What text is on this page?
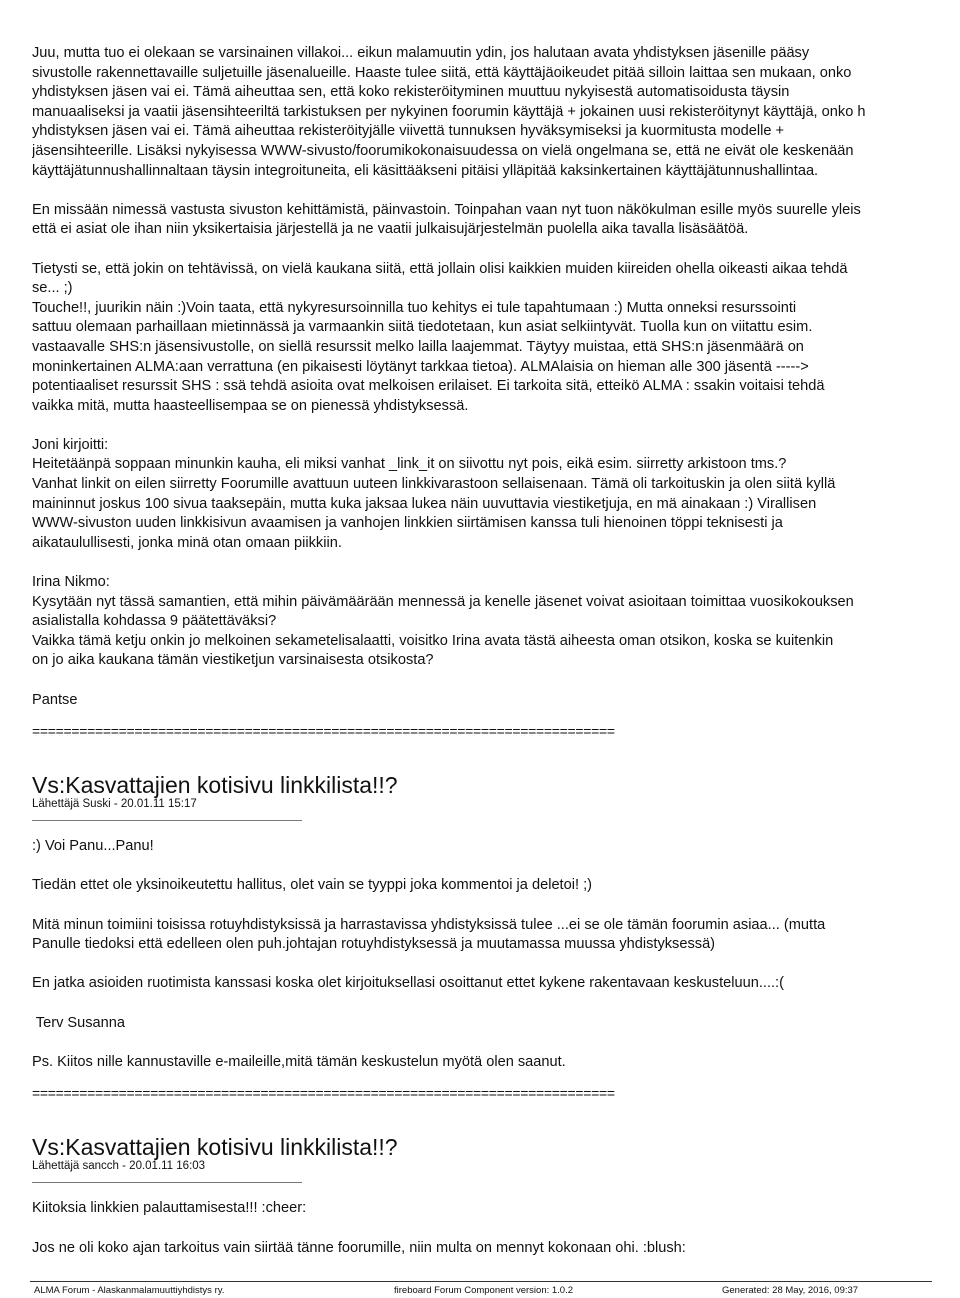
Juu, mutta tuo ei olekaan se varsinainen villakoi... eikun malamuutin ydin, jos halutaan avata yhdistyksen jäsenille pääsy
sivustolle rakennettavaille suljetuille jäsenalueille. Haaste tulee siitä, että käyttäjäoikeudet pitää silloin laittaa sen mukaan, onko
yhdistyksen jäsen vai ei. Tämä aiheuttaa sen, että koko rekisteröityminen muuttuu nykyisestä automatisoidusta täysin
manuaaliseksi ja vaatii jäsensihteeriltä tarkistuksen per nykyinen foorumin käyttäjä + jokainen uusi rekisteröitynyt käyttäjä, onko h
yhdistyksen jäsen vai ei. Tämä aiheuttaa rekisteröityjälle viivettä tunnuksen hyväksymiseksi ja kuormitusta modelle +
jäsensihteerille. Lisäksi nykyisessa WWW-sivusto/foorumikokonaisuudessa on vielä ongelmana se, että ne eivät ole keskenään
käyttäjätunnushallinnaltaan täysin integroituneita, eli käsittääkseni pitäisi ylläpitää kaksinkertainen käyttäjätunnushallintaa.
En missään nimessä vastusta sivuston kehittämistä, päinvastoin. Toinpahan vaan nyt tuon näkökulman esille myös suurelle yleis
että ei asiat ole ihan niin yksikertaisia järjestellä ja ne vaatii julkaisujärjestelmän puolella aika tavalla lisäsäätöä.
Tietysti se, että jokin on tehtävissä, on vielä kaukana siitä, että jollain olisi kaikkien muiden kiireiden ohella oikeasti aikaa tehdä
se... ;)
Touche!!, juurikin näin :)Voin taata, että nykyresursoinnilla tuo kehitys ei tule tapahtumaan :) Mutta onneksi resurssointi
sattuu olemaan parhaillaan mietinnässä ja varmaankin siitä tiedotetaan, kun asiat selkiintyvät. Tuolla kun on viitattu esim.
vastaavalle SHS:n jäsensivustolle, on siellä resurssit melko lailla laajemmat. Täytyy muistaa, että SHS:n jäsenmäärä on
moninkertainen ALMA:aan verrattuna (en pikaisesti löytänyt tarkkaa tietoa). ALMAlaisia on hieman alle 300 jäsentä ----->
potentiaaliset resurssit SHS : ssä tehdä asioita ovat melkoisen erilaiset. Ei tarkoita sitä, etteikö ALMA : ssakin voitaisi tehdä
vaikka mitä, mutta haasteellisempaa se on pienessä yhdistyksessä.
Joni kirjoitti:
Heitetäänpä soppaan minunkin kauha, eli miksi vanhat _link_it on siivottu nyt pois, eikä esim. siirretty arkistoon tms.?
Vanhat linkit on eilen siirretty Foorumille avattuun uuteen linkkivarastoon sellaisenaan. Tämä oli tarkoituskin ja olen siitä kyllä
maininnut joskus 100 sivua taaksepäin, mutta kuka jaksaa lukea näin uuvuttavia viestiketjuja, en mä ainakaan :) Virallisen
WWW-sivuston uuden linkkisivun avaamisen ja vanhojen linkkien siirtämisen kanssa tuli hienoinen töppi teknisesti ja
aikataulullisesti, jonka minä otan omaan piikkiin.
Irina Nikmo:
Kysytään nyt tässä samantien, että mihin päivämäärään mennessä ja kenelle jäsenet voivat asioitaan toimittaa vuosikokouksen
asialistalla kohdassa 9 päätettäväksi?
Vaikka tämä ketju onkin jo melkoinen sekametelisalaatti, voisitko Irina avata tästä aiheesta oman otsikon, koska se kuitenkin
on jo aika kaukana tämän viestiketjun varsinaisesta otsikosta?
Pantse
==========================================================================
Vs:Kasvattajien kotisivu linkkilista!!?
Lähettäjä Suski - 20.01.11 15:17
:) Voi Panu...Panu!
Tiedän ettet ole yksinoikeutettu hallitus, olet vain se tyyppi joka kommentoi ja deletoi! ;)
Mitä minun toimiini toisissa rotuyhdistyksissä ja harrastavissa yhdistyksissä tulee ...ei se ole tämän foorumin asiaa... (mutta
Panulle tiedoksi että edelleen olen puh.johtajan rotuyhdistyksessä ja muutamassa muussa yhdistyksessä)
En jatka asioiden ruotimista kanssasi koska olet kirjoituksellasi osoittanut ettet kykene rakentavaan keskusteluun....:(
Terv Susanna
Ps. Kiitos nille kannustaville e-maileille,mitä tämän keskustelun myötä olen saanut.
==========================================================================
Vs:Kasvattajien kotisivu linkkilista!!?
Lähettäjä sancch - 20.01.11 16:03
Kiitoksia linkkien palauttamisesta!!! :cheer:
Jos ne oli koko ajan tarkoitus vain siirtää tänne foorumille, niin multa on mennyt kokonaan ohi. :blush:
ALMA Forum - Alaskanmalamuuttiyhdistys ry.	fireboard Forum Component version: 1.0.2	Generated: 28 May, 2016, 09:37
